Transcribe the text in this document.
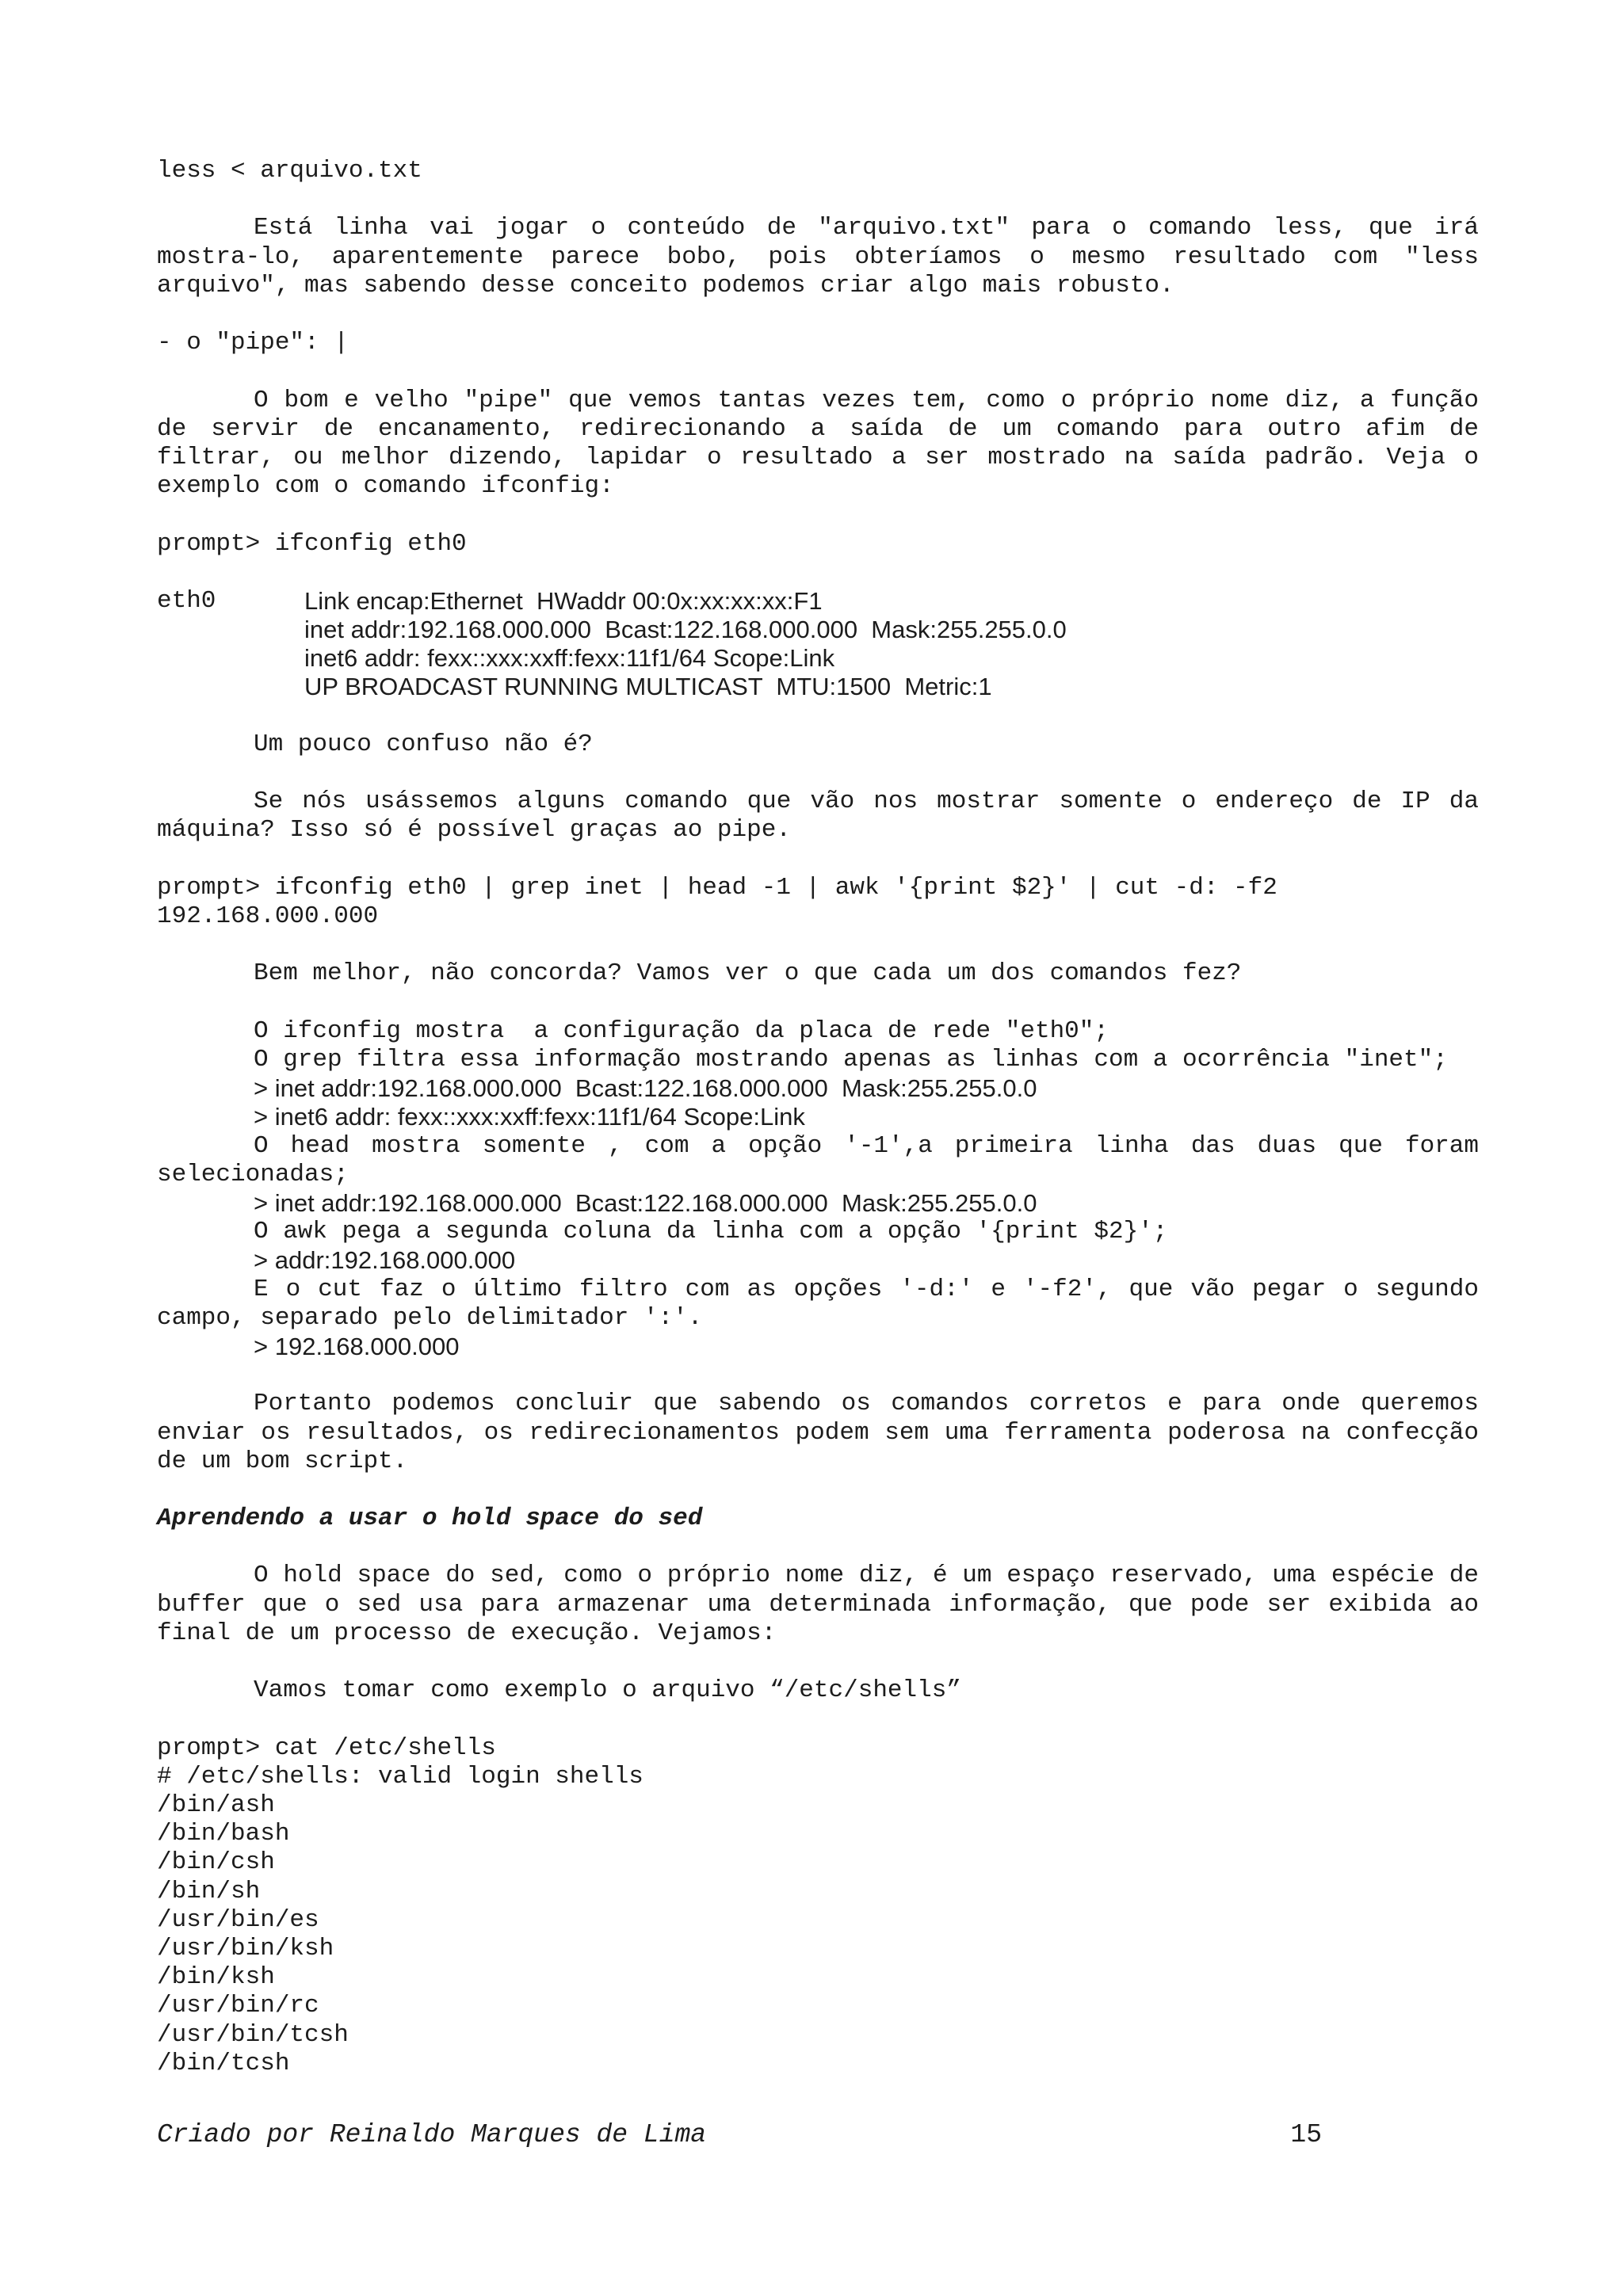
less < arquivo.txt
Está linha vai jogar o conteúdo de "arquivo.txt" para o comando less, que irá mostra-lo, aparentemente parece bobo, pois obteríamos o mesmo resultado com "less arquivo", mas sabendo desse conceito podemos criar algo mais robusto.
- o "pipe": |
O bom e velho "pipe" que vemos tantas vezes tem, como o próprio nome diz, a função de servir de encanamento, redirecionando a saída de um comando para outro afim de filtrar, ou melhor dizendo, lapidar o resultado a ser mostrado na saída padrão. Veja o exemplo com o comando ifconfig:
prompt> ifconfig eth0
eth0	Link encap:Ethernet  HWaddr 00:0x:xx:xx:xx:F1
inet addr:192.168.000.000  Bcast:122.168.000.000  Mask:255.255.0.0
inet6 addr: fexx::xxx:xxff:fexx:11f1/64 Scope:Link
UP BROADCAST RUNNING MULTICAST  MTU:1500  Metric:1
Um pouco confuso não é?
Se nós usássemos alguns comando que vão nos mostrar somente o endereço de IP da máquina? Isso só é possível graças ao pipe.
prompt> ifconfig eth0 | grep inet | head -1 | awk '{print $2}' | cut -d: -f2
192.168.000.000
Bem melhor, não concorda? Vamos ver o que cada um dos comandos fez?
O ifconfig mostra  a configuração da placa de rede "eth0";
O grep filtra essa informação mostrando apenas as linhas com a ocorrência "inet";
> inet addr:192.168.000.000  Bcast:122.168.000.000  Mask:255.255.0.0
> inet6 addr: fexx::xxx:xxff:fexx:11f1/64 Scope:Link
O head mostra somente , com a opção '-1',a primeira linha das duas que foram selecionadas;
> inet addr:192.168.000.000  Bcast:122.168.000.000  Mask:255.255.0.0
O awk pega a segunda coluna da linha com a opção '{print $2}';
> addr:192.168.000.000
E o cut faz o último filtro com as opções '-d:' e '-f2', que vão pegar o segundo campo, separado pelo delimitador ':'.
> 192.168.000.000
Portanto podemos concluir que sabendo os comandos corretos e para onde queremos enviar os resultados, os redirecionamentos podem sem uma ferramenta poderosa na confecção de um bom script.
Aprendendo a usar o hold space do sed
O hold space do sed, como o próprio nome diz, é um espaço reservado, uma espécie de buffer que o sed usa para armazenar uma determinada informação, que pode ser exibida ao final de um processo de execução. Vejamos:
Vamos tomar como exemplo o arquivo “/etc/shells”
prompt> cat /etc/shells
# /etc/shells: valid login shells
/bin/ash
/bin/bash
/bin/csh
/bin/sh
/usr/bin/es
/usr/bin/ksh
/bin/ksh
/usr/bin/rc
/usr/bin/tcsh
/bin/tcsh
Criado por Reinaldo Marques de Lima	15
